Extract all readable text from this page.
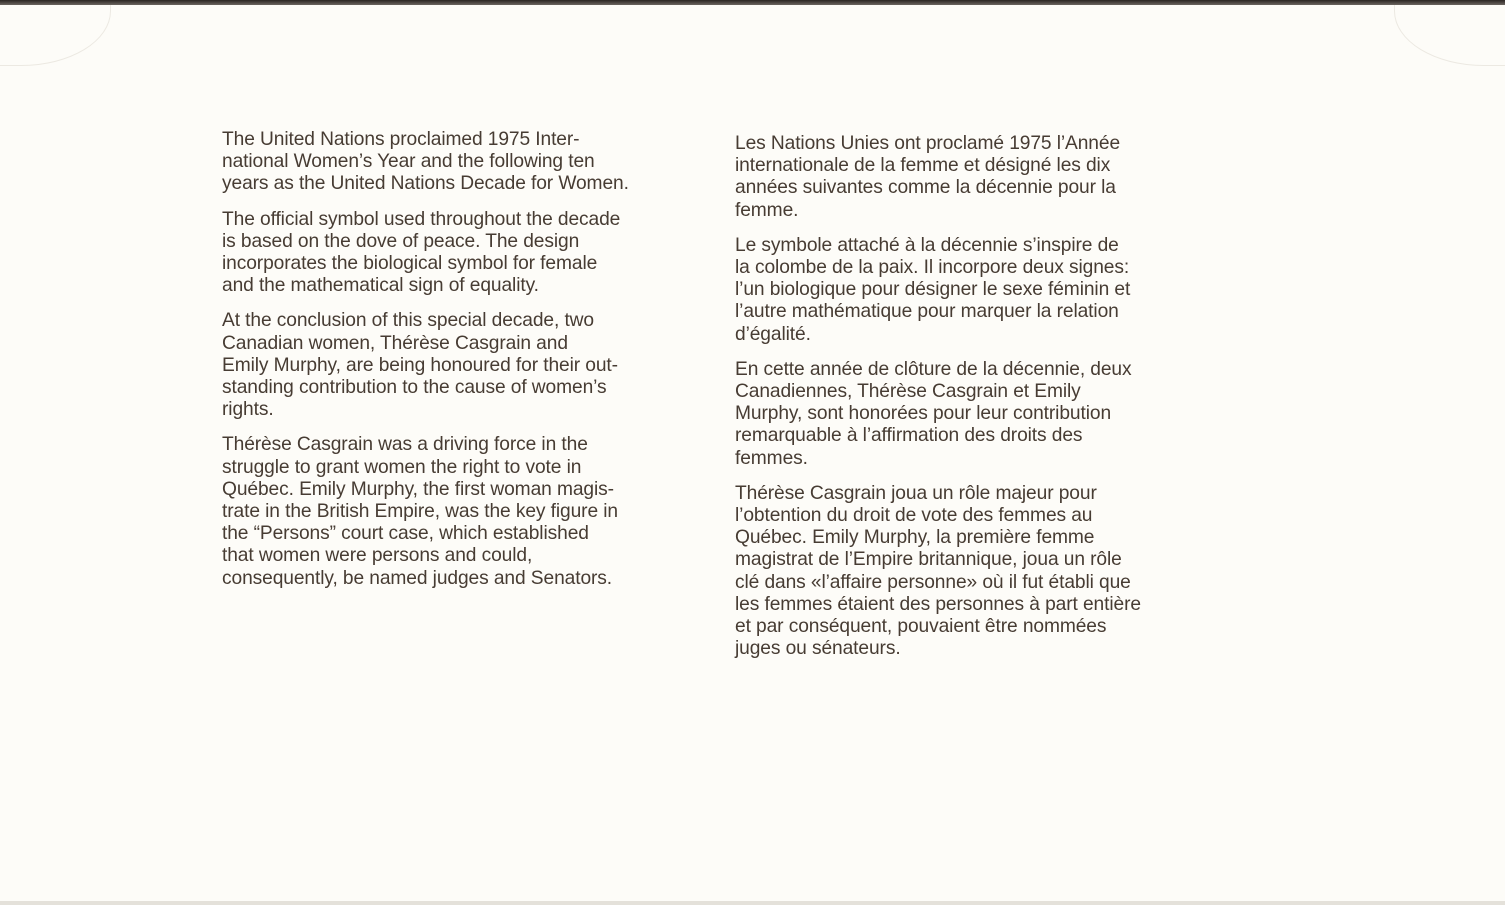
The United Nations proclaimed 1975 Inter-
national Women’s Year and the following ten
years as the United Nations Decade for Women.
The official symbol used throughout the decade
is based on the dove of peace. The design
incorporates the biological symbol for female
and the mathematical sign of equality.
At the conclusion of this special decade, two
Canadian women, Thérèse Casgrain and
Emily Murphy, are being honoured for their out-
standing contribution to the cause of women’s
rights.
Thérèse Casgrain was a driving force in the
struggle to grant women the right to vote in
Québec. Emily Murphy, the first woman magis-
trate in the British Empire, was the key figure in
the “Persons” court case, which established
that women were persons and could,
consequently, be named judges and Senators.
Les Nations Unies ont proclamé 1975 l’Année
internationale de la femme et désigné les dix
années suivantes comme la décennie pour la
femme.
Le symbole attaché à la décennie s’inspire de
la colombe de la paix. Il incorpore deux signes:
l’un biologique pour désigner le sexe féminin et
l’autre mathématique pour marquer la relation
d’égalité.
En cette année de clôture de la décennie, deux
Canadiennes, Thérèse Casgrain et Emily
Murphy, sont honorées pour leur contribution
remarquable à l’affirmation des droits des
femmes.
Thérèse Casgrain joua un rôle majeur pour
l’obtention du droit de vote des femmes au
Québec. Emily Murphy, la première femme
magistrat de l’Empire britannique, joua un rôle
clé dans «l’affaire personne» où il fut établi que
les femmes étaient des personnes à part entière
et par conséquent, pouvaient être nommées
juges ou sénateurs.
